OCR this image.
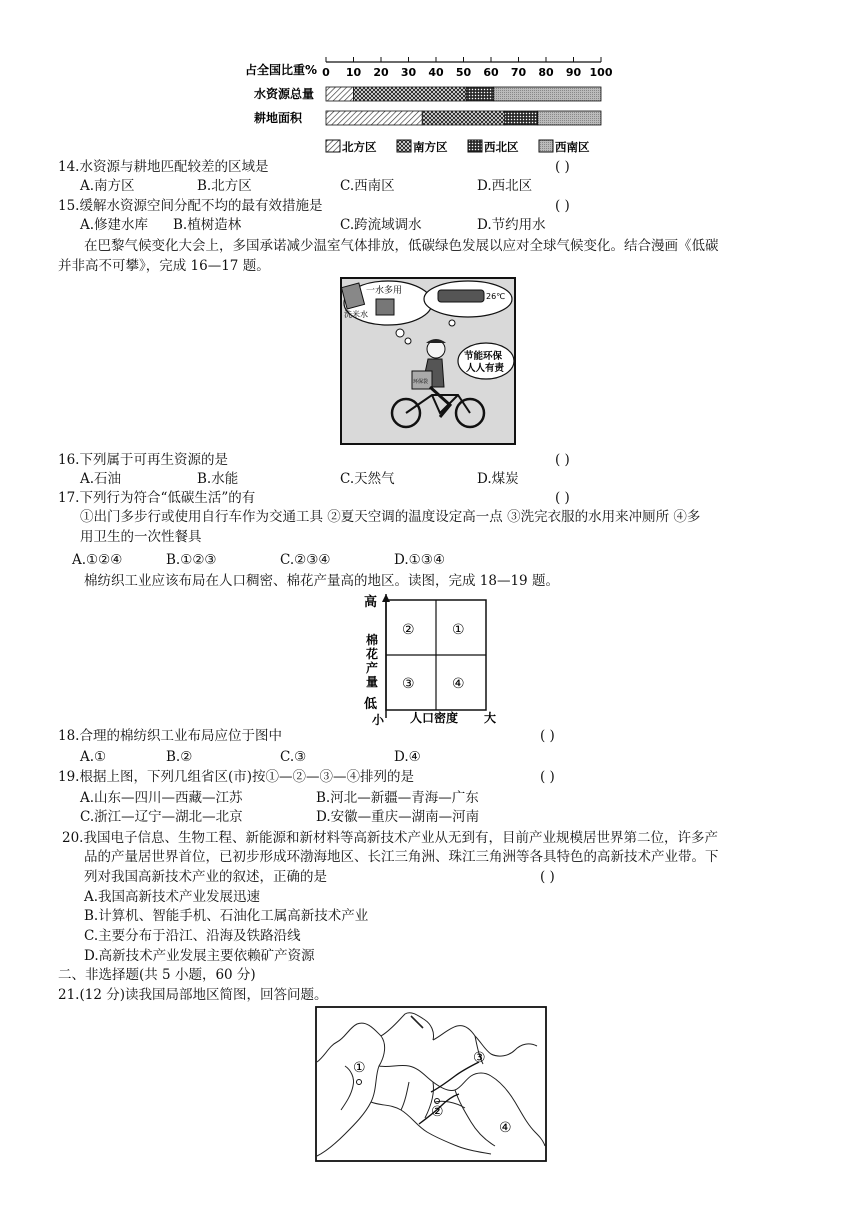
占全国比重% 0 10 20 30 40 50 60 70 80 90 100
水资源总量
耕地面积
北方区	南方区	西北区	西南区
14.水资源与耕地匹配较差的区域是	( )
A.南方区	B.北方区	C.西南区	D.西北区
15.缓解水资源空间分配不均的最有效措施是	( )
A.修建水库 B.植树造林	C.跨流域调水	D.节约用水
在巴黎气候变化大会上，多国承诺减少温室气体排放，低碳绿色发展以应对全球气候变化。结合漫画《低碳
并非高不可攀》，完成 16—17 题。
一水多用
洗米水
26℃
节能环保
人人有责
环保袋
16.下列属于可再生资源的是	( )
A.石油	B.水能	C.天然气	D.煤炭
17.下列行为符合“低碳生活”的有	( )
①出门多步行或使用自行车作为交通工具 ②夏天空调的温度设定高一点 ③洗完衣服的水用来冲厕所 ④多
用卫生的一次性餐具
A.①②④	B.①②③	C.②③④	D.①③④
棉纺织工业应该布局在人口稠密、棉花产量高的地区。读图，完成 18—19 题。
高
棉
花
产
量
低
②	①
③	④
小 人口密度 大
18.合理的棉纺织工业布局应位于图中	( )
A.①	B.②	C.③	D.④
19.根据上图，下列几组省区(市)按①—②—③—④排列的是	( )
A.山东—四川—西藏—江苏	B.河北—新疆—青海—广东
C.浙江—辽宁—湖北—北京	D.安徽—重庆—湖南—河南
20.我国电子信息、生物工程、新能源和新材料等高新技术产业从无到有，目前产业规模居世界第二位，许多产
品的产量居世界首位，已初步形成环渤海地区、长江三角洲、珠江三角洲等各具特色的高新技术产业带。下
列对我国高新技术产业的叙述，正确的是	( )
A.我国高新技术产业发展迅速
B.计算机、智能手机、石油化工属高新技术产业
C.主要分布于沿江、沿海及铁路沿线
D.高新技术产业发展主要依赖矿产资源
二、非选择题(共 5 小题，60 分)
21.(12 分)读我国局部地区简图，回答问题。
①
②
③
④
